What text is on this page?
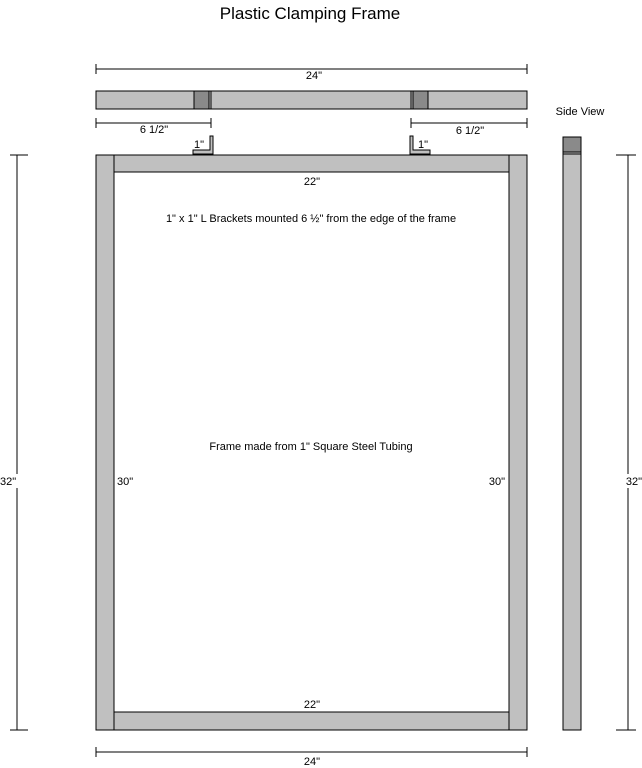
Plastic Clamping Frame
24"
6 1/2"	6 1/2"
Side View
1"	1"
22"
1" x 1" L Brackets mounted 6 ½" from the edge of the frame
Frame made from 1" Square Steel Tubing
30"	30"
22"
32"	32"
24"
